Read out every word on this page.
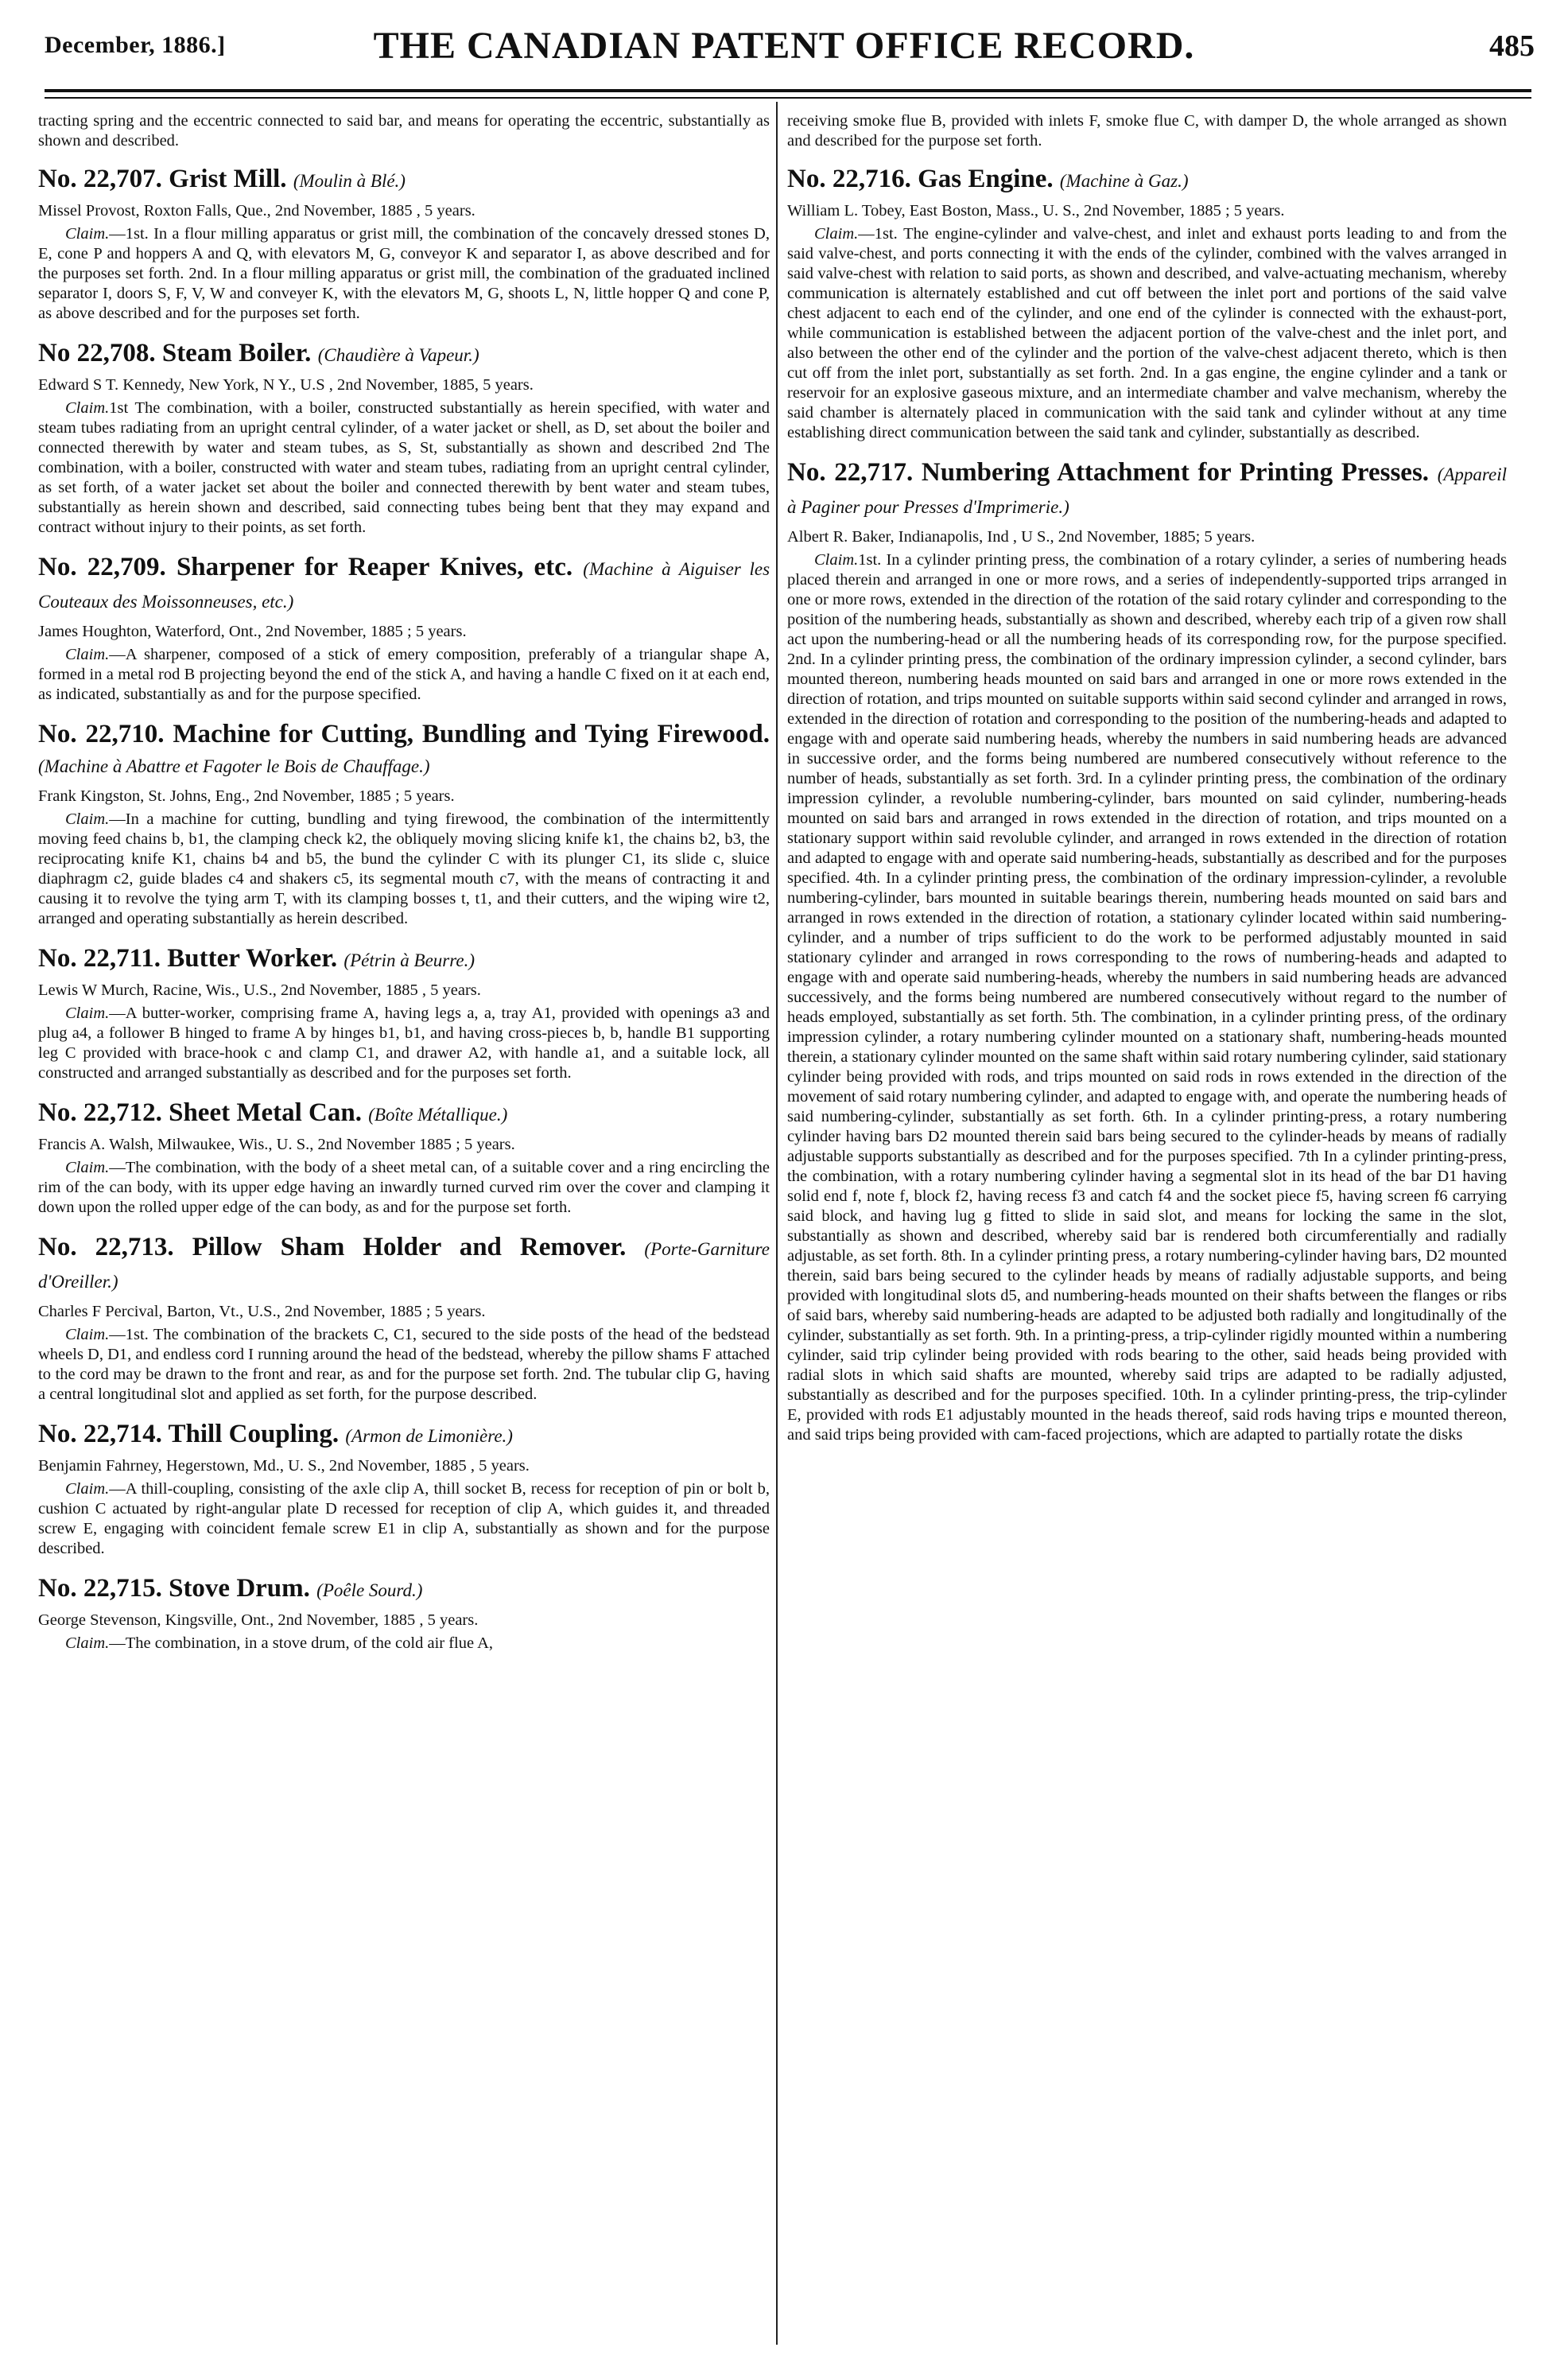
December, 1886.]	THE CANADIAN PATENT OFFICE RECORD.	485

tracting spring and the eccentric connected to said bar, and means for operating the eccentric, substantially as shown and described.

No. 22,707. Grist Mill. (Moulin à Blé.)
Missel Provost, Roxton Falls, Que., 2nd November, 1885 , 5 years.

Claim.—1st. In a flour milling apparatus or grist mill, the combination of the concavely dressed stones D, E, cone P and hoppers A and Q, with elevators M, G, conveyor K and separator I, as above described and for the purposes set forth. 2nd. In a flour milling apparatus or grist mill, the combination of the graduated inclined separator I, doors S, F, V, W and conveyer K, with the elevators M, G, shoots L, N, little hopper Q and cone P, as above described and for the purposes set forth.

No 22,708. Steam Boiler. (Chaudière à Vapeur.)
Edward S T. Kennedy, New York, N Y., U.S , 2nd November, 1885, 5 years.

Claim.1st The combination, with a boiler, constructed substantially as herein specified, with water and steam tubes radiating from an upright central cylinder, of a water jacket or shell, as D, set about the boiler and connected therewith by water and steam tubes, as S, St, substantially as shown and described 2nd The combination, with a boiler, constructed with water and steam tubes, radiating from an upright central cylinder, as set forth, of a water jacket set about the boiler and connected therewith by bent water and steam tubes, substantially as herein shown and described, said connecting tubes being bent that they may expand and contract without injury to their points, as set forth.

No. 22,709. Sharpener for Reaper Knives, etc. (Machine à Aiguiser les Couteaux des Moissonneuses, etc.)
James Houghton, Waterford, Ont., 2nd November, 1885 ; 5 years.

Claim.—A sharpener, composed of a stick of emery composition, preferably of a triangular shape A, formed in a metal rod B projecting beyond the end of the stick A, and having a handle C fixed on it at each end, as indicated, substantially as and for the purpose specified.

No. 22,710. Machine for Cutting, Bundling and Tying Firewood. (Machine à Abattre et Fagoter le Bois de Chauffage.)
Frank Kingston, St. Johns, Eng., 2nd November, 1885 ; 5 years.

Claim.—In a machine for cutting, bundling and tying firewood, the combination of the intermittently moving feed chains b, b1, the clamping check k2, the obliquely moving slicing knife k1, the chains b2, b3, the reciprocating knife K1, chains b4 and b5, the bund the cylinder C with its plunger C1, its slide c, sluice diaphragm c2, guide blades c4 and shakers c5, its segmental mouth c7, with the means of contracting it and causing it to revolve the tying arm T, with its clamping bosses t, t1, and their cutters, and the wiping wire t2, arranged and operating substantially as herein described.

No. 22,711. Butter Worker. (Pétrin à Beurre.)
Lewis W Murch, Racine, Wis., U.S., 2nd November, 1885 , 5 years.

Claim.—A butter-worker, comprising frame A, having legs a, a, tray A1, provided with openings a3 and plug a4, a follower B hinged to frame A by hinges b1, b1, and having cross-pieces b, b, handle B1 supporting leg C provided with brace-hook c and clamp C1, and drawer A2, with handle a1, and a suitable lock, all constructed and arranged substantially as described and for the purposes set forth.

No. 22,712. Sheet Metal Can. (Boîte Métallique.)
Francis A. Walsh, Milwaukee, Wis., U. S., 2nd November 1885 ; 5 years.

Claim.—The combination, with the body of a sheet metal can, of a suitable cover and a ring encircling the rim of the can body, with its upper edge having an inwardly turned curved rim over the cover and clamping it down upon the rolled upper edge of the can body, as and for the purpose set forth.

No. 22,713. Pillow Sham Holder and Remover. (Porte-Garniture d'Oreiller.)
Charles F Percival, Barton, Vt., U.S., 2nd November, 1885 ; 5 years.

Claim.—1st. The combination of the brackets C, C1, secured to the side posts of the head of the bedstead wheels D, D1, and endless cord I running around the head of the bedstead, whereby the pillow shams F attached to the cord may be drawn to the front and rear, as and for the purpose set forth. 2nd. The tubular clip G, having a central longitudinal slot and applied as set forth, for the purpose described.

No. 22,714. Thill Coupling. (Armon de Limonière.)
Benjamin Fahrney, Hegerstown, Md., U. S., 2nd November, 1885 , 5 years.

Claim.—A thill-coupling, consisting of the axle clip A, thill socket B, recess for reception of pin or bolt b, cushion C actuated by right-angular plate D recessed for reception of clip A, which guides it, and threaded screw E, engaging with coincident female screw E1 in clip A, substantially as shown and for the purpose described.

No. 22,715. Stove Drum. (Poêle Sourd.)
George Stevenson, Kingsville, Ont., 2nd November, 1885 , 5 years.

Claim.—The combination, in a stove drum, of the cold air flue A,

receiving smoke flue B, provided with inlets F, smoke flue C, with damper D, the whole arranged as shown and described for the purpose set forth.

No. 22,716. Gas Engine. (Machine à Gaz.)
William L. Tobey, East Boston, Mass., U. S., 2nd November, 1885 ; 5 years.

Claim.—1st. The engine-cylinder and valve-chest, and inlet and exhaust ports leading to and from the said valve-chest, and ports connecting it with the ends of the cylinder, combined with the valves arranged in said valve-chest with relation to said ports, as shown and described, and valve-actuating mechanism, whereby communication is alternately established and cut off between the inlet port and portions of the said valve chest adjacent to each end of the cylinder, and one end of the cylinder is connected with the exhaust-port, while communication is established between the adjacent portion of the valve-chest and the inlet port, and also between the other end of the cylinder and the portion of the valve-chest adjacent thereto, which is then cut off from the inlet port, substantially as set forth. 2nd. In a gas engine, the engine cylinder and a tank or reservoir for an explosive gaseous mixture, and an intermediate chamber and valve mechanism, whereby the said chamber is alternately placed in communication with the said tank and cylinder without at any time establishing direct communication between the said tank and cylinder, substantially as described.

No. 22,717. Numbering Attachment for Printing Presses. (Appareil à Paginer pour Presses d'Imprimerie.)
Albert R. Baker, Indianapolis, Ind , U S., 2nd November, 1885; 5 years.

Claim.1st. In a cylinder printing press, the combination of a rotary cylinder, a series of numbering heads placed therein and arranged in one or more rows, and a series of independently-supported trips arranged in one or more rows, extended in the direction of the rotation of the said rotary cylinder and corresponding to the position of the numbering heads, substantially as shown and described, whereby each trip of a given row shall act upon the numbering-head or all the numbering heads of its corresponding row, for the purpose specified. 2nd. In a cylinder printing press, the combination of the ordinary impression cylinder, a second cylinder, bars mounted thereon, numbering heads mounted on said bars and arranged in one or more rows extended in the direction of rotation, and trips mounted on suitable supports within said second cylinder and arranged in rows, extended in the direction of rotation and corresponding to the position of the numbering-heads and adapted to engage with and operate said numbering heads, whereby the numbers in said numbering heads are advanced in successive order, and the forms being numbered are numbered consecutively without reference to the number of heads, substantially as set forth. 3rd. In a cylinder printing press, the combination of the ordinary impression cylinder, a revoluble numbering-cylinder, bars mounted on said cylinder, numbering-heads mounted on said bars and arranged in rows extended in the direction of rotation, and trips mounted on a stationary support within said revoluble cylinder, and arranged in rows extended in the direction of rotation and adapted to engage with and operate said numbering-heads, substantially as described and for the purposes specified. 4th. In a cylinder printing press, the combination of the ordinary impression-cylinder, a revoluble numbering-cylinder, bars mounted in suitable bearings therein, numbering heads mounted on said bars and arranged in rows extended in the direction of rotation, a stationary cylinder located within said numbering-cylinder, and a number of trips sufficient to do the work to be performed adjustably mounted in said stationary cylinder and arranged in rows corresponding to the rows of numbering-heads and adapted to engage with and operate said numbering-heads, whereby the numbers in said numbering heads are advanced successively, and the forms being numbered are numbered consecutively without regard to the number of heads employed, substantially as set forth. 5th. The combination, in a cylinder printing press, of the ordinary impression cylinder, a rotary numbering cylinder mounted on a stationary shaft, numbering-heads mounted therein, a stationary cylinder mounted on the same shaft within said rotary numbering cylinder, said stationary cylinder being provided with rods, and trips mounted on said rods in rows extended in the direction of the movement of said rotary numbering cylinder, and adapted to engage with, and operate the numbering heads of said numbering-cylinder, substantially as set forth. 6th. In a cylinder printing-press, a rotary numbering cylinder having bars D2 mounted therein said bars being secured to the cylinder-heads by means of radially adjustable supports substantially as described and for the purposes specified. 7th In a cylinder printing-press, the combination, with a rotary numbering cylinder having a segmental slot in its head of the bar D1 having solid end f, note f, block f2, having recess f3 and catch f4 and the socket piece f5, having screen f6 carrying said block, and having lug g fitted to slide in said slot, and means for locking the same in the slot, substantially as shown and described, whereby said bar is rendered both circumferentially and radially adjustable, as set forth. 8th. In a cylinder printing press, a rotary numbering-cylinder having bars, D2 mounted therein, said bars being secured to the cylinder heads by means of radially adjustable supports, and being provided with longitudinal slots d5, and numbering-heads mounted on their shafts between the flanges or ribs of said bars, whereby said numbering-heads are adapted to be adjusted both radially and longitudinally of the cylinder, substantially as set forth. 9th. In a printing-press, a trip-cylinder rigidly mounted within a numbering cylinder, said trip cylinder being provided with rods bearing to the other, said heads being provided with radial slots in which said shafts are mounted, whereby said trips are adapted to be radially adjusted, substantially as described and for the purposes specified. 10th. In a cylinder printing-press, the trip-cylinder E, provided with rods E1 adjustably mounted in the heads thereof, said rods having trips e mounted thereon, and said trips being provided with cam-faced projections, which are adapted to partially rotate the disks
